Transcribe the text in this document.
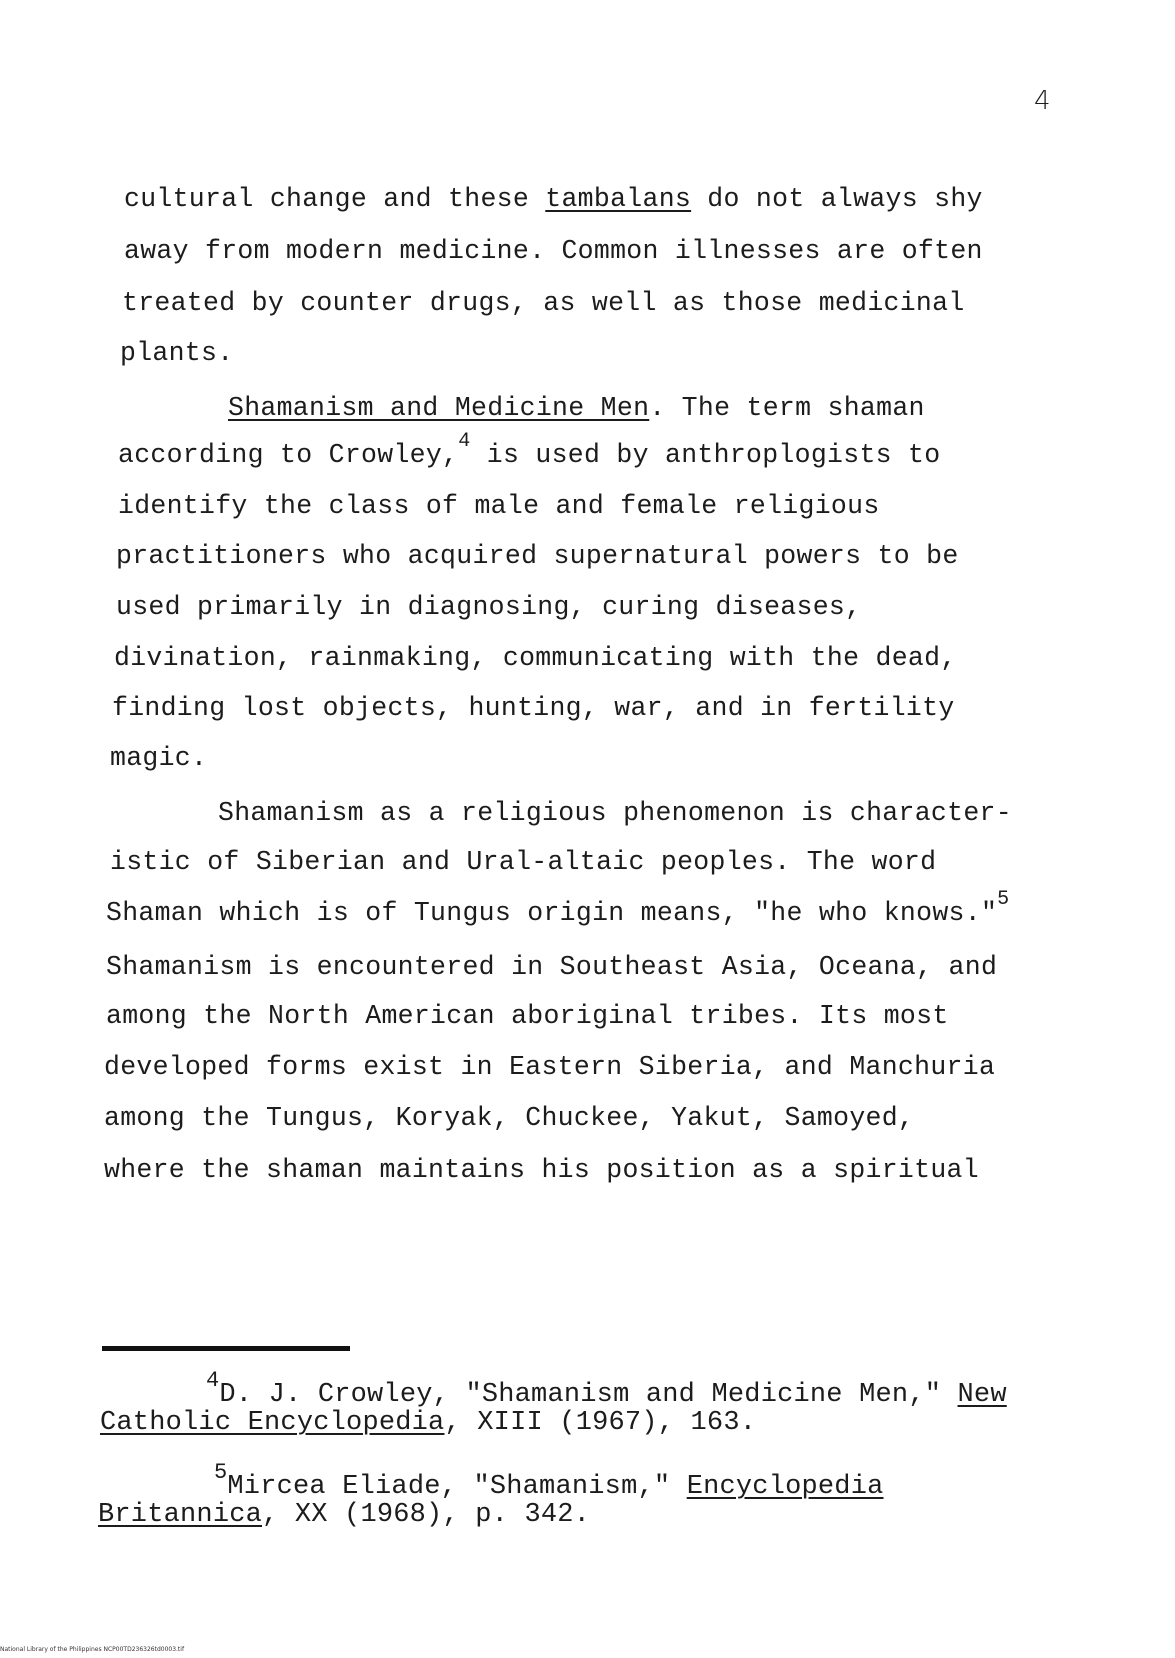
4
cultural change and these tambalans do not always shy
away from modern medicine. Common illnesses are often
treated by counter drugs, as well as those medicinal
plants.
Shamanism and Medicine Men. The term shaman
according to Crowley,$^4$ is used by anthroplogists to
identify the class of male and female religious
practitioners who acquired supernatural powers to be
used primarily in diagnosing, curing diseases,
divination, rainmaking, communicating with the dead,
finding lost objects, hunting, war, and in fertility
magic.
Shamanism as a religious phenomenon is character-
istic of Siberian and Ural-altaic peoples. The word
Shaman which is of Tungus origin means, "he who knows."$^5$
Shamanism is encountered in Southeast Asia, Oceana, and
among the North American aboriginal tribes. Its most
developed forms exist in Eastern Siberia, and Manchuria
among the Tungus, Koryak, Chuckee, Yakut, Samoyed,
where the shaman maintains his position as a spiritual
$^4$D. J. Crowley, "Shamanism and Medicine Men," New
Catholic Encyclopedia, XIII (1967), 163.
$^5$Mircea Eliade, "Shamanism," Encyclopedia
Britannica, XX (1968), p. 342.
National Library of the Philippines NCP00TD236326td0003.tif
